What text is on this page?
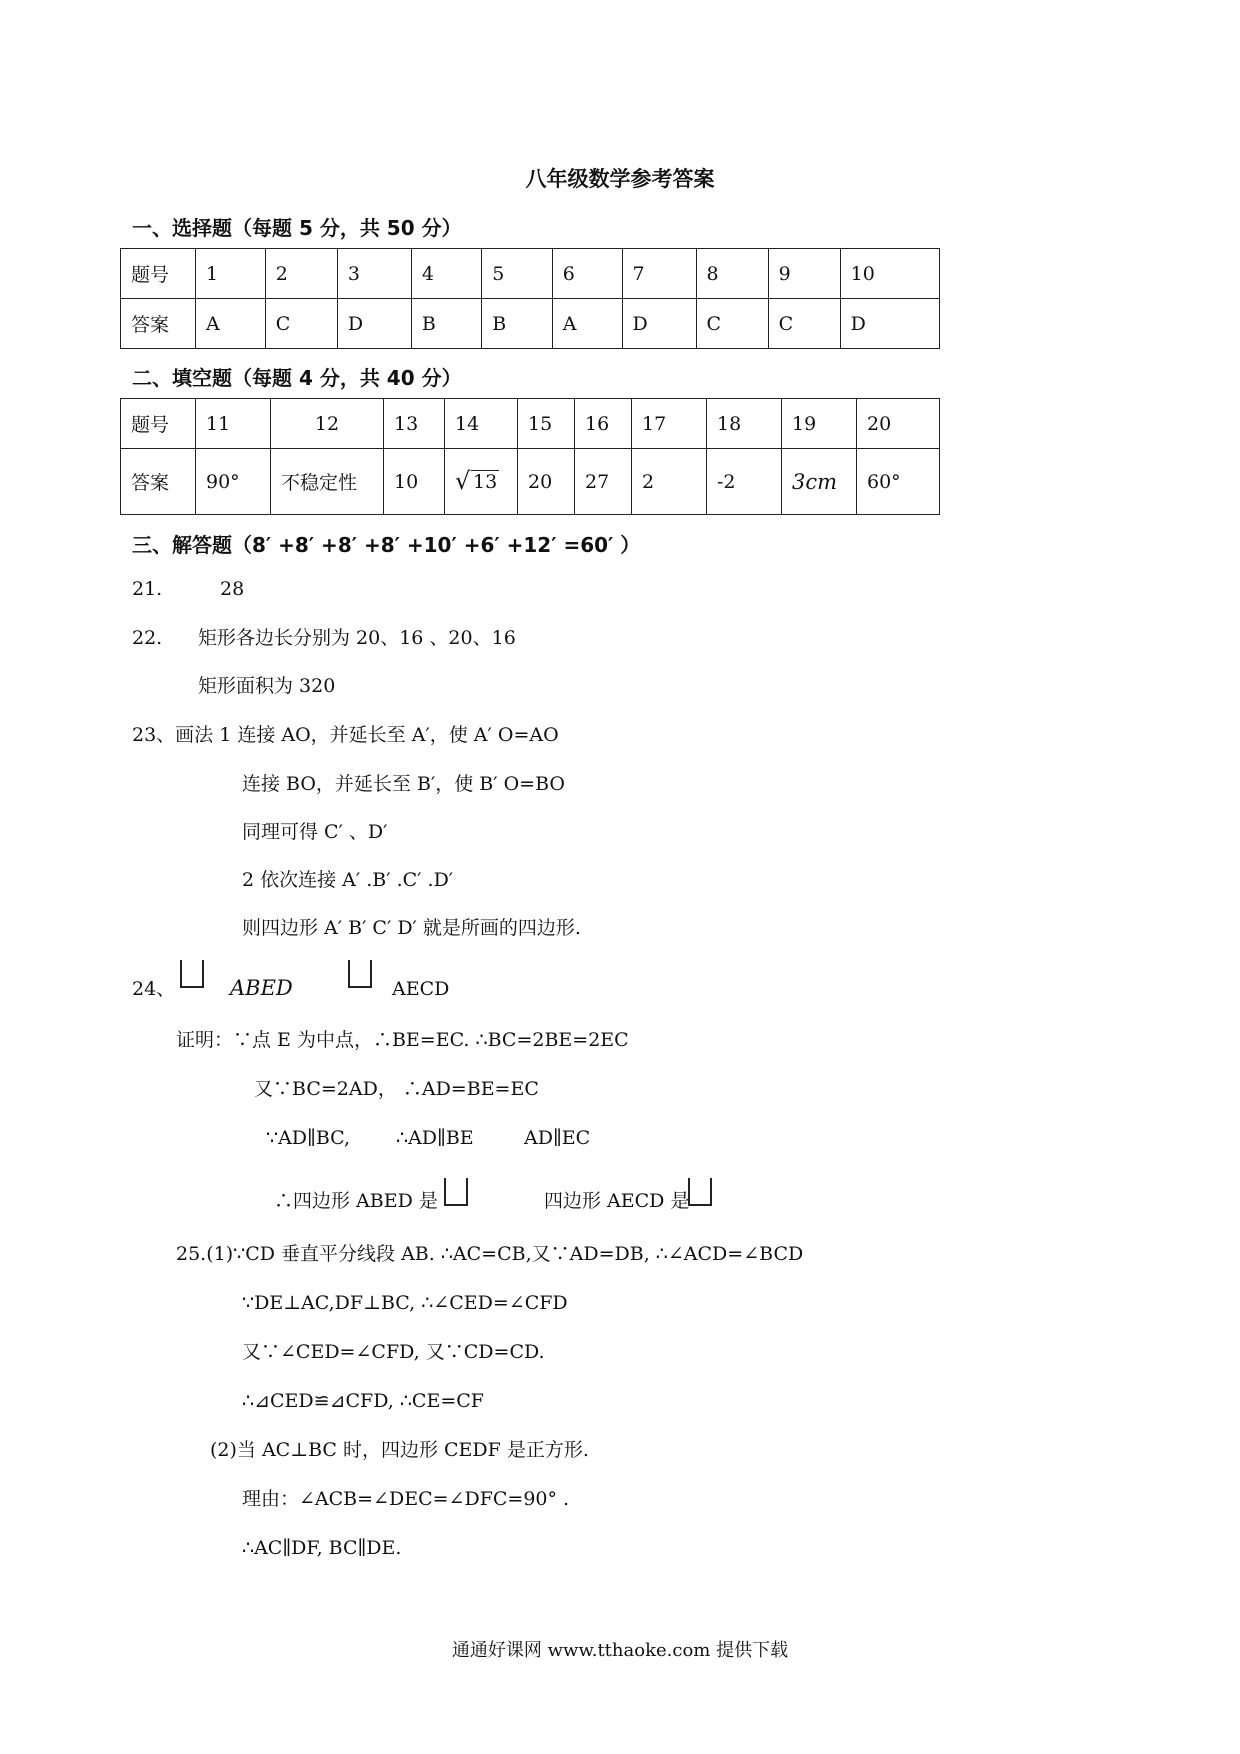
八年级数学参考答案
一、选择题（每题 5 分，共 50 分）
题号	1	2	3	4	5	6	7	8	9	10
答案	A	C	D	B	B	A	D	C	C	D
二、填空题（每题 4 分，共 40 分）
题号	11	12	13	14	15	16	17	18	19	20
答案	90°	不稳定性	10	√ 13	20	27	2	-2	3cm	60°
三、解答题（8′ +8′ +8′ +8′ +10′ +6′ +12′ =60′ ）
21.	28
22. 矩形各边长分别为 20、16 、20、16
矩形面积为 320
23、画法 1 连接 AO，并延长至 A′，使 A′ O=AO
连接 BO，并延长至 B′，使 B′ O=BO
同理可得 C′ 、D′
2 依次连接 A′ .B′ .C′ .D′
则四边形 A′ B′ C′ D′ 就是所画的四边形.
24、	ABED	AECD
证明：∵点 E 为中点，∴BE=EC. ∴BC=2BE=2EC
又∵BC=2AD， ∴AD=BE=EC
∵AD∥BC, ∴AD∥BE	AD∥EC
∴四边形 ABED 是	四边形 AECD 是
25.(1)∵CD 垂直平分线段 AB. ∴AC=CB,又∵AD=DB, ∴∠ACD=∠BCD
∵DE⊥AC,DF⊥BC, ∴∠CED=∠CFD
又∵∠CED=∠CFD, 又∵CD=CD.
∴⊿CED≌⊿CFD, ∴CE=CF
(2)当 AC⊥BC 时，四边形 CEDF 是正方形.
理由：∠ACB=∠DEC=∠DFC=90° .
∴AC∥DF, BC∥DE.
通通好课网 www.tthaoke.com 提供下载
